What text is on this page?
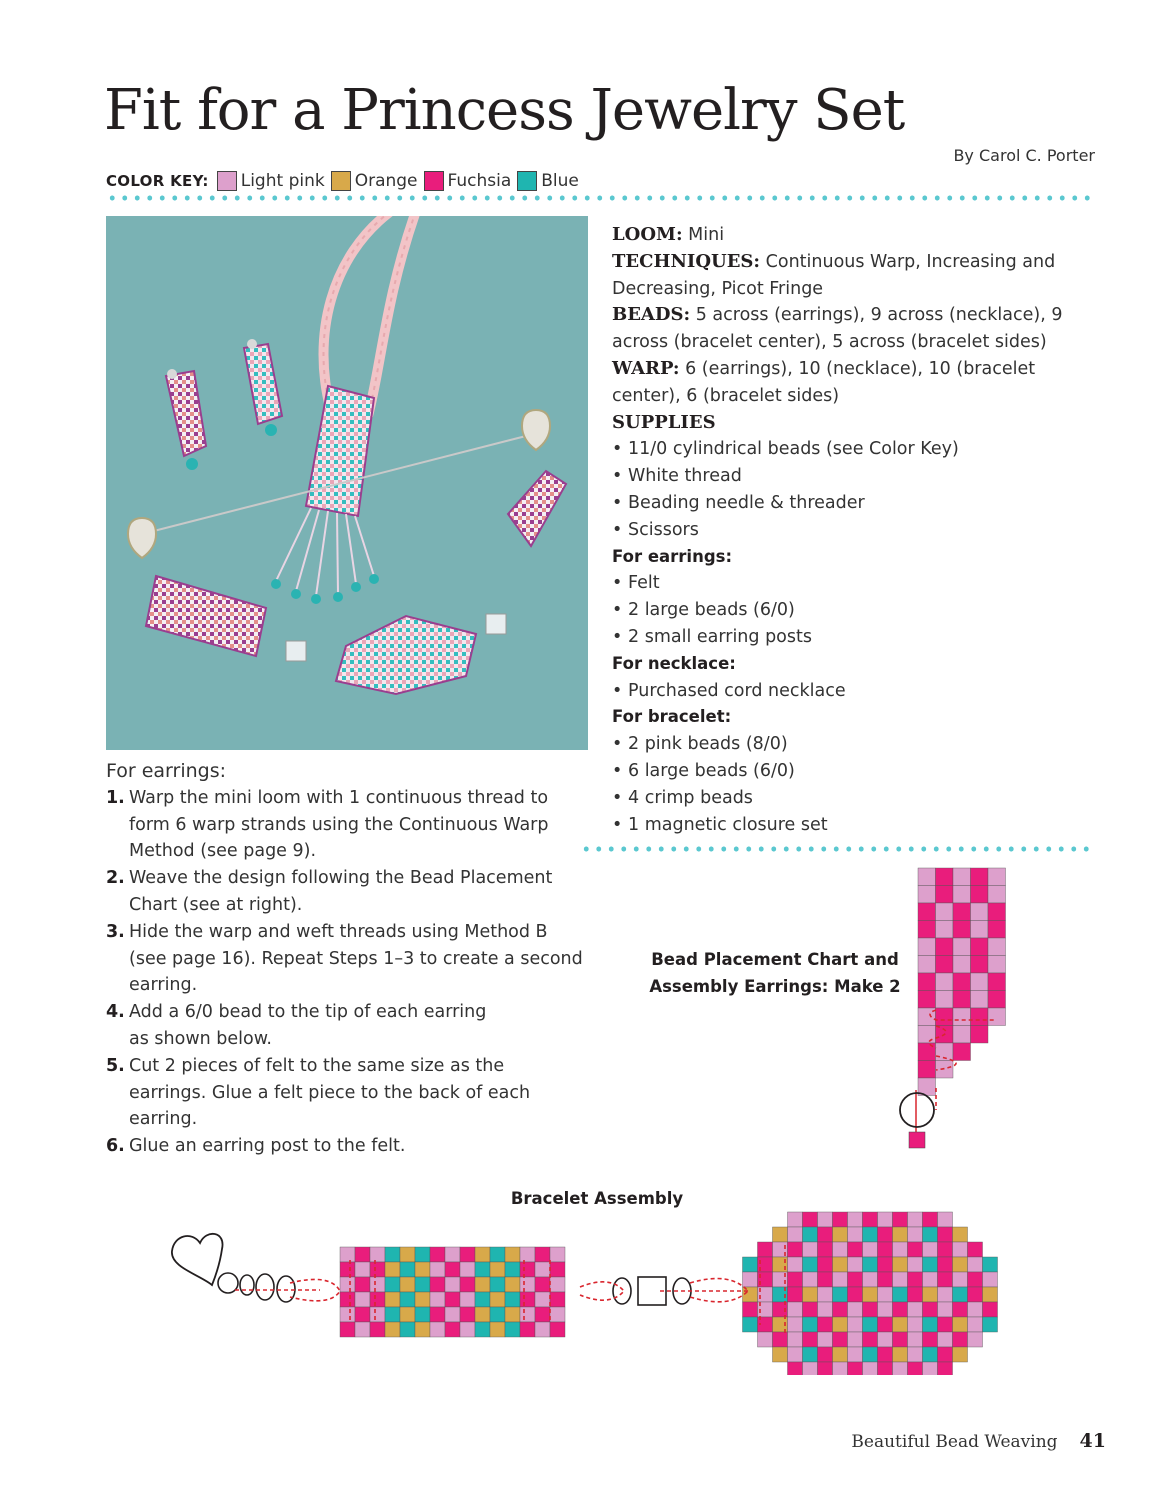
Fit for a Princess Jewelry Set
By Carol C. Porter
COLOR KEY: Light pink Orange Fuchsia Blue
LOOM: Mini
TECHNIQUES: Continuous Warp, Increasing and Decreasing, Picot Fringe
BEADS: 5 across (earrings), 9 across (necklace), 9 across (bracelet center), 5 across (bracelet sides)
WARP: 6 (earrings), 10 (necklace), 10 (bracelet center), 6 (bracelet sides)
SUPPLIES
• 11/0 cylindrical beads (see Color Key)
• White thread
• Beading needle & threader
• Scissors
For earrings:
• Felt
• 2 large beads (6/0)
• 2 small earring posts
For necklace:
• Purchased cord necklace
For bracelet:
• 2 pink beads (8/0)
• 6 large beads (6/0)
• 4 crimp beads
• 1 magnetic closure set
For earrings:
1. Warp the mini loom with 1 continuous thread to form 6 warp strands using the Continuous Warp Method (see page 9).
2. Weave the design following the Bead Placement Chart (see at right).
3. Hide the warp and weft threads using Method B (see page 16). Repeat Steps 1–3 to create a second earring.
4. Add a 6/0 bead to the tip of each earring as shown below.
5. Cut 2 pieces of felt to the same size as the earrings. Glue a felt piece to the back of each earring.
6. Glue an earring post to the felt.
Bead Placement Chart and
Assembly Earrings: Make 2
Bracelet Assembly
Beautiful Bead Weaving 41
